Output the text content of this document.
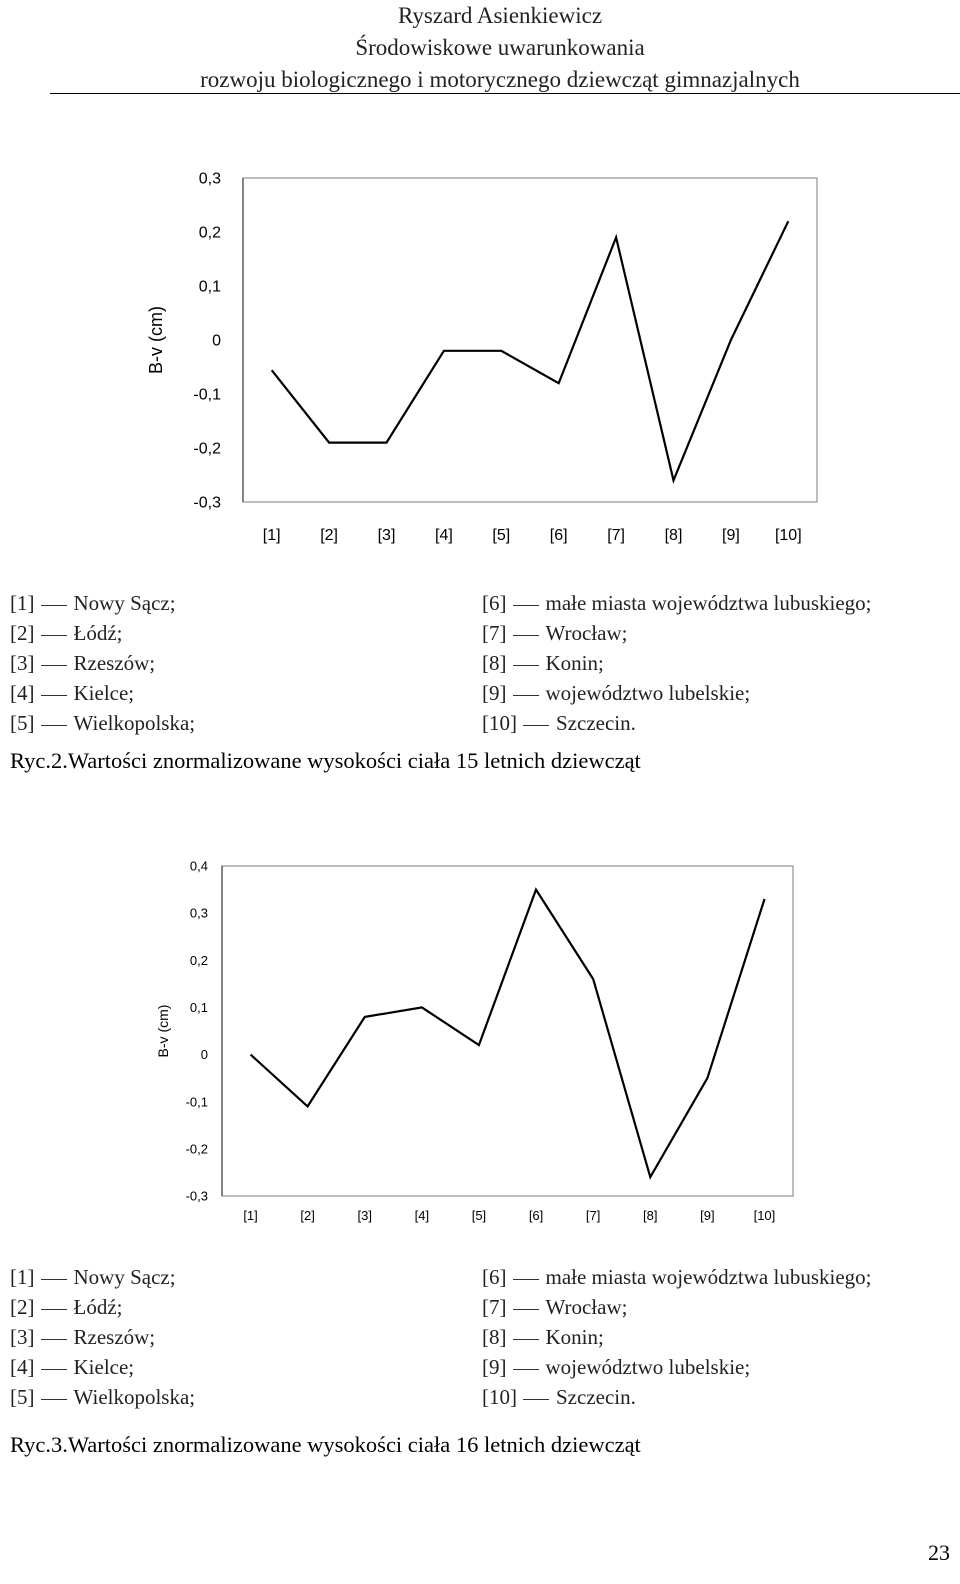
Ryszard Asienkiewicz
Środowiskowe uwarunkowania
rozwoju biologicznego i motorycznego dziewcząt gimnazjalnych
0,3
0,2
0,1
0
-0,1
-0,2
-0,3
B-v (cm)
[1] [2] [3] [4] [5] [6] [7] [8] [9] [10]
[1] Nowy Sącz;
[2] Łódź;
[3] Rzeszów;
[4] Kielce;
[5] Wielkopolska;
[6] małe miasta województwa lubuskiego;
[7] Wrocław;
[8] Konin;
[9] województwo lubelskie;
[10] Szczecin.
Ryc.2.Wartości znormalizowane wysokości ciała 15 letnich dziewcząt
0,4
0,3
0,2
0,1
0
-0,1
-0,2
-0,3
B-v (cm)
[1]	[2]	[3]	[4]	[5]	[6]	[7]	[8]	[9]	[10]
[1] Nowy Sącz;
[2] Łódź;
[3] Rzeszów;
[4] Kielce;
[5] Wielkopolska;
[6] małe miasta województwa lubuskiego;
[7] Wrocław;
[8] Konin;
[9] województwo lubelskie;
[10] Szczecin.
Ryc.3.Wartości znormalizowane wysokości ciała 16 letnich dziewcząt
23
